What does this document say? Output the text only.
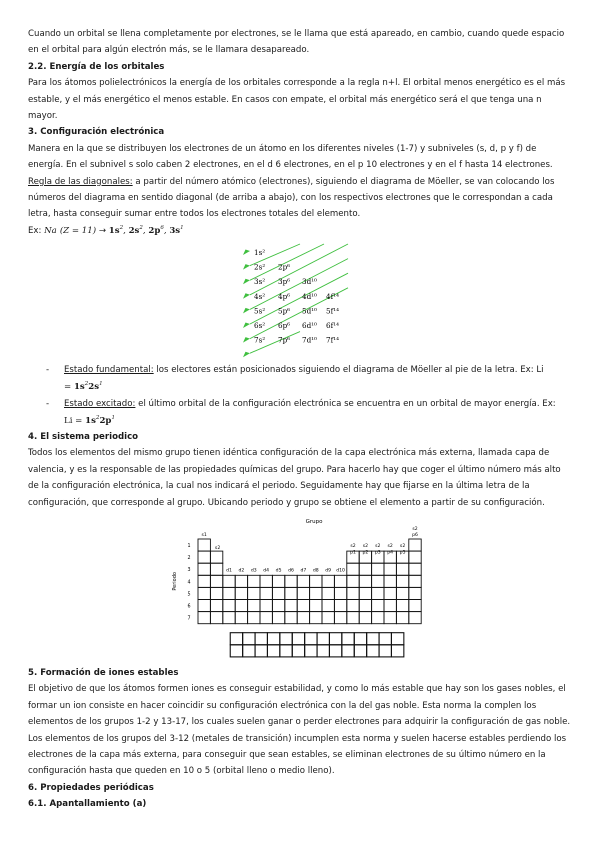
Cuando un orbital se llena completamente por electrones, se le llama que está apareado, en cambio, cuando quede espacio en el orbital para algún electrón más, se le llamara desapareado.

2.2. Energía de los orbitales

Para los átomos polielectrónicos la energía de los orbitales corresponde a la regla n+l. El orbital menos energético es el más estable, y el más energético el menos estable. En casos con empate, el orbital más energético será el que tenga una n mayor.

3. Configuración electrónica

Manera en la que se distribuyen los electrones de un átomo en los diferentes niveles (1-7) y subniveles (s, d, p y f) de energía. En el subnivel s solo caben 2 electrones, en el d 6 electrones, en el p 10 electrones y en el f hasta 14 electrones.

Regla de las diagonales: a partir del número atómico (electrones), siguiendo el diagrama de Möeller, se van colocando los números del diagrama en sentido diagonal (de arriba a abajo), con los respectivos electrones que le correspondan a cada letra, hasta conseguir sumar entre todos los electrones totales del elemento.

Ex: Na $(Z = 11) \to 1s^2$, $2s^2$, $2p^6$, $3s^1$

1s²
2s² 2p⁶
3s² 3p⁶ 3d¹⁰
4s² 4p⁶ 4d¹⁰ 4f¹⁴
5s² 5p⁶ 5d¹⁰ 5f¹⁴
6s² 6p⁶ 6d¹⁰ 6f¹⁴
7s² 7p⁶ 7d¹⁰ 7f¹⁴
- Estado fundamental: los electores están posicionados siguiendo el diagrama de Möeller al pie de la letra. Ex: Li
= $1s^22s^1$
- Estado excitado: el último orbital de la configuración electrónica se encuentra en un orbital de mayor energía. Ex:
$Li = 1s^22p^1$

4. El sistema periodico

Todos los elementos del mismo grupo tienen idéntica configuración de la capa electrónica más externa, llamada capa de valencia, y es la responsable de las propiedades químicas del grupo. Para hacerlo hay que coger el último número más alto de la configuración electrónica, la cual nos indicará el periodo. Seguidamente hay que fijarse en la última letra de la configuración, que corresponde al grupo. Ubicando periodo y grupo se obtiene el elemento a partir de su configuración.

Grupo
Periodo
1
2
3
4
5
6
7
s1
s2
d1 d2 d3 d4 d5 d6 d7 d8 d9 d10
s2
p1
s2
p2
s2
p3
s2
p4
s2
p5
s2
p6

5. Formación de iones estables

El objetivo de que los átomos formen iones es conseguir estabilidad, y como lo más estable que hay son los gases nobles, el formar un ion consiste en hacer coincidir su configuración electrónica con la del gas noble. Esta norma la complen los elementos de los grupos 1-2 y 13-17, los cuales suelen ganar o perder electrones para adquirir la configuración de gas noble. Los elementos de los grupos del 3-12 (metales de transición) incumplen esta norma y suelen hacerse estables perdiendo los electrones de la capa más externa, para conseguir que sean estables, se eliminan electrones de su último número en la configuración hasta que queden en 10 o 5 (orbital lleno o medio lleno).

6. Propiedades periódicas

6.1. Apantallamiento (a)
